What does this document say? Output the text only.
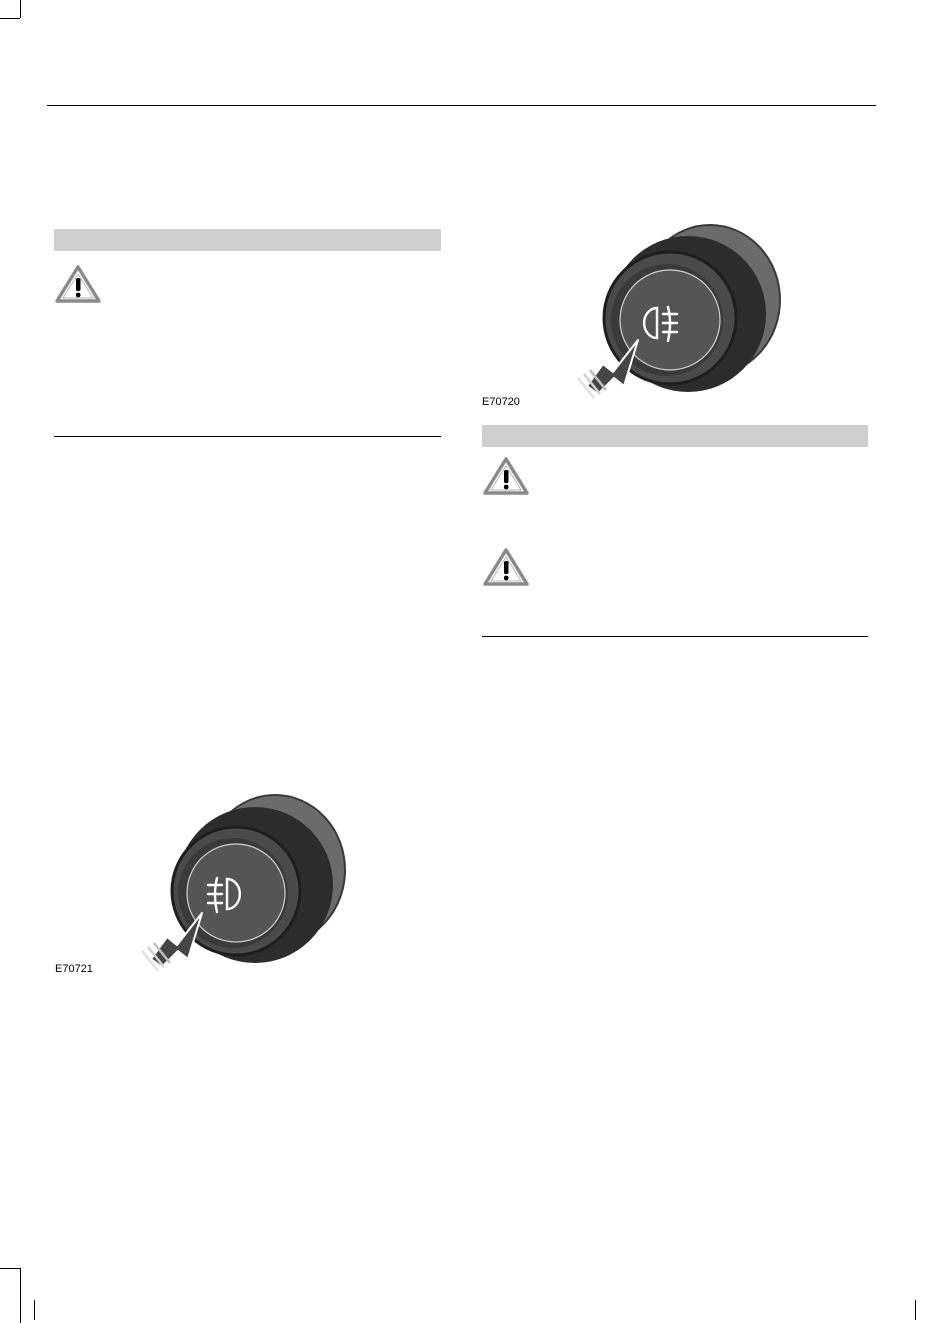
E70721
E70720
